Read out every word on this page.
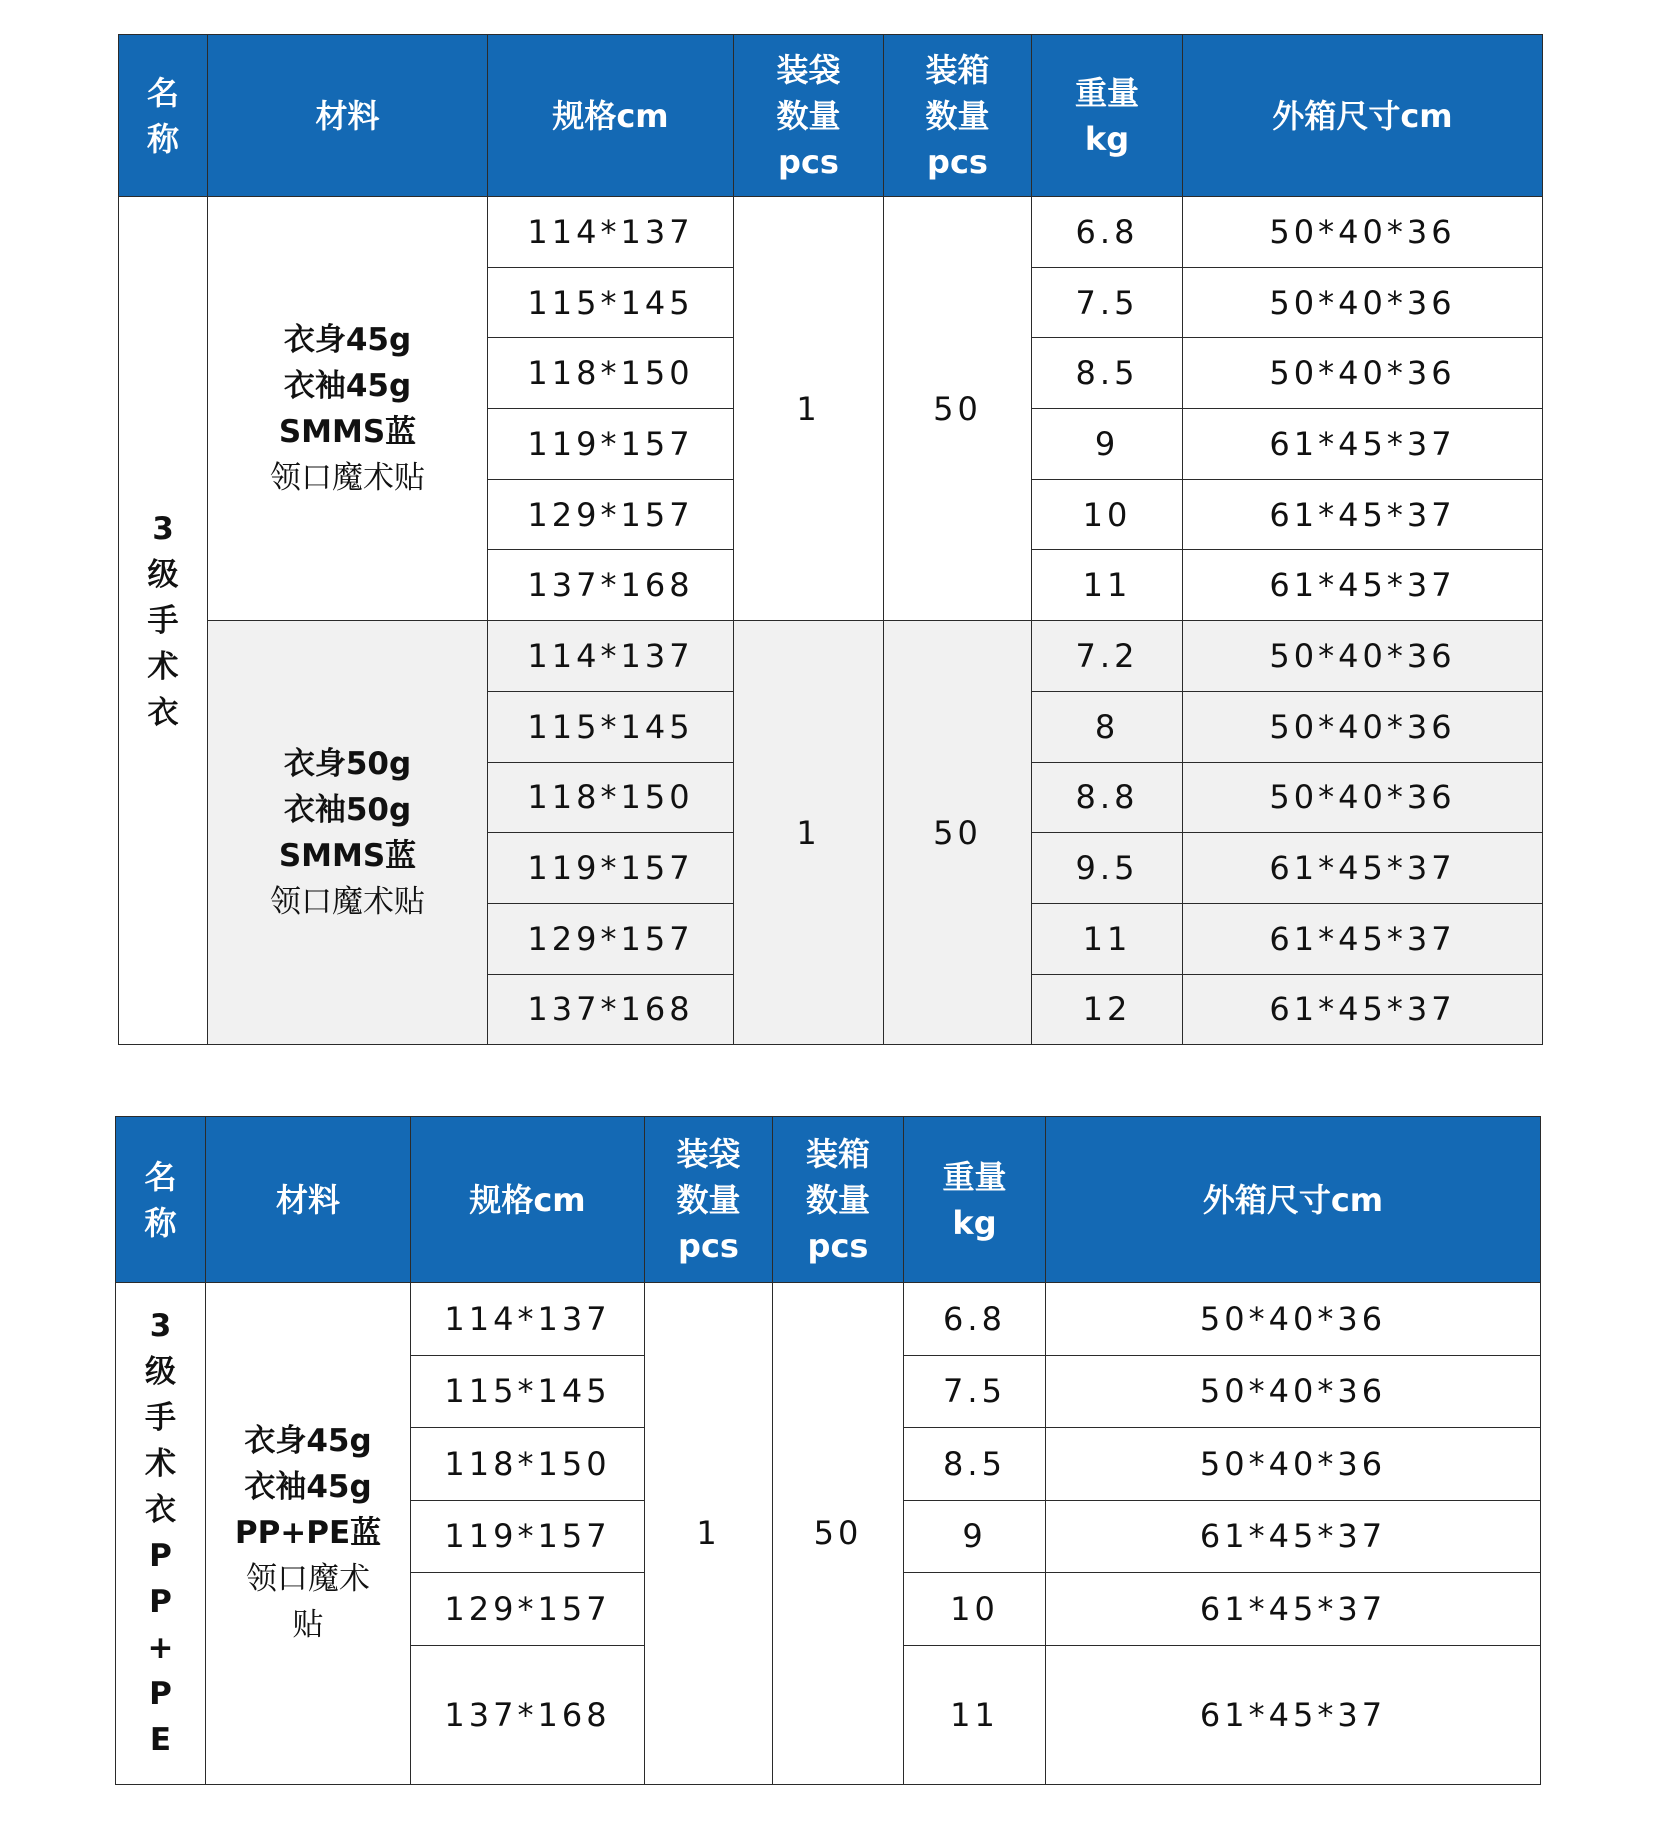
名称	材料	规格cm	装袋
数量
pcs	装箱
数量
pcs	重量
kg	外箱尺寸cm
3级手术衣	衣身45g
衣袖45g
SMMS蓝
领口魔术贴	114*137	1	50	6.8	50*40*36
		115*145			7.5	50*40*36
		118*150			8.5	50*40*36
		119*157			9	61*45*37
		129*157			10	61*45*37
		137*168			11	61*45*37
	衣身50g
衣袖50g
SMMS蓝
领口魔术贴	114*137	1	50	7.2	50*40*36
		115*145			8	50*40*36
		118*150			8.8	50*40*36
		119*157			9.5	61*45*37
		129*157			11	61*45*37
		137*168			12	61*45*37
名称	材料	规格cm	装袋
数量
pcs	装箱
数量
pcs	重量
kg	外箱尺寸cm
3级手术衣PP+PE	衣身45g
衣袖45g
PP+PE蓝
领口魔术
贴	114*137	1	50	6.8	50*40*36
		115*145			7.5	50*40*36
		118*150			8.5	50*40*36
		119*157			9	61*45*37
		129*157			10	61*45*37
		137*168			11	61*45*37
